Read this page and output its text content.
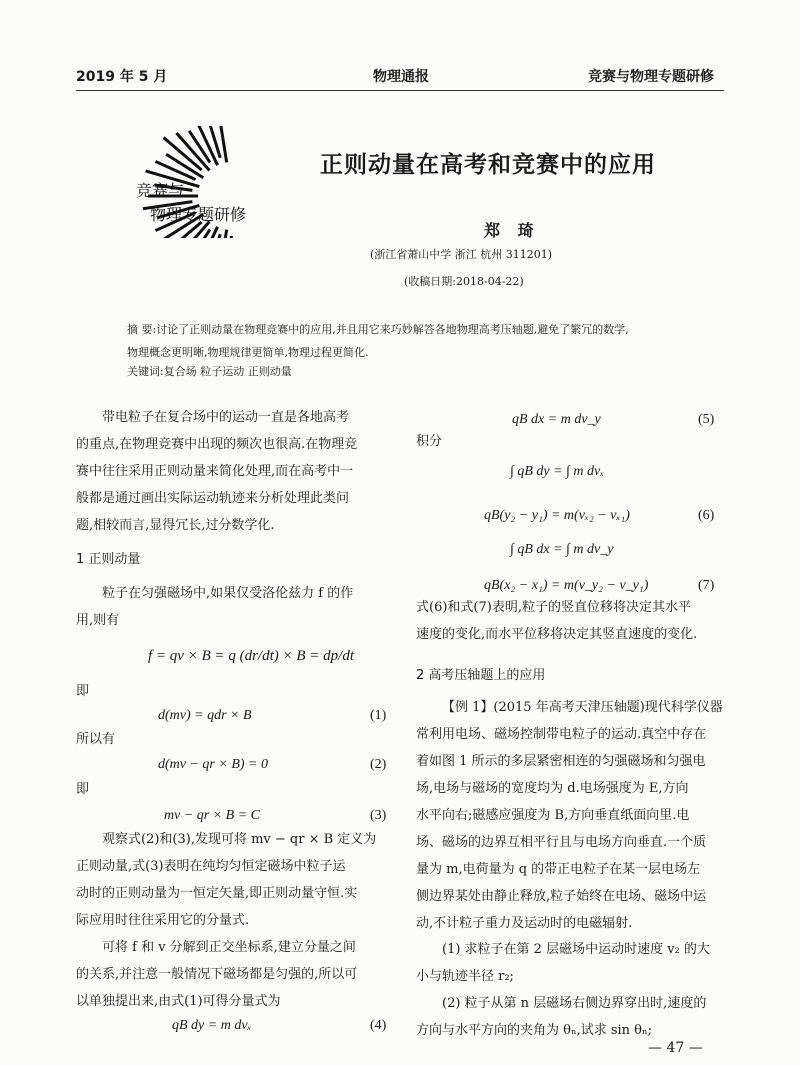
2019 年 5 月	物理通报	竞赛与物理专题研修
竞赛与
物理专题研修
正则动量在高考和竞赛中的应用
郑 琦
(浙江省萧山中学 浙江 杭州 311201)
(收稿日期:2018-04-22)
摘 要:讨论了正则动量在物理竞赛中的应用,并且用它来巧妙解答各地物理高考压轴题,避免了繁冗的数学,
物理概念更明晰,物理规律更简单,物理过程更简化.
关键词:复合场 粒子运动 正则动量
带电粒子在复合场中的运动一直是各地高考
的重点,在物理竞赛中出现的频次也很高.在物理竞
赛中往往采用正则动量来简化处理,而在高考中一
般都是通过画出实际运动轨迹来分析处理此类问
题,相较而言,显得冗长,过分数学化.
1 正则动量
粒子在匀强磁场中,如果仅受洛伦兹力 f 的作
用,则有
f = qv × B = q (dr/dt) × B = dp/dt
即
d(mv) = qdr × B	(1)
所以有
d(mv − qr × B) = 0	(2)
即
mv − qr × B = C	(3)
观察式(2)和(3),发现可将 mv − qr × B 定义为
正则动量,式(3)表明在纯均匀恒定磁场中粒子运
动时的正则动量为一恒定矢量,即正则动量守恒.实
际应用时往往采用它的分量式.
可将 f 和 v 分解到正交坐标系,建立分量之间
的关系,并注意一般情况下磁场都是匀强的,所以可
以单独提出来,由式(1)可得分量式为
qB dy = m dvₓ	(4)
qB dx = m dv_y	(5)
积分
∫ qB dy = ∫ m dvₓ
qB(y₂ − y₁) = m(vₓ₂ − vₓ₁)	(6)
∫ qB dx = ∫ m dv_y
qB(x₂ − x₁) = m(v_y₂ − v_y₁)	(7)
式(6)和式(7)表明,粒子的竖直位移将决定其水平
速度的变化,而水平位移将决定其竖直速度的变化.
2 高考压轴题上的应用
【例 1】(2015 年高考天津压轴题)现代科学仪器
常利用电场、磁场控制带电粒子的运动.真空中存在
着如图 1 所示的多层紧密相连的匀强磁场和匀强电
场,电场与磁场的宽度均为 d.电场强度为 E,方向
水平向右;磁感应强度为 B,方向垂直纸面向里.电
场、磁场的边界互相平行且与电场方向垂直.一个质
量为 m,电荷量为 q 的带正电粒子在某一层电场左
侧边界某处由静止释放,粒子始终在电场、磁场中运
动,不计粒子重力及运动时的电磁辐射.
(1) 求粒子在第 2 层磁场中运动时速度 v₂ 的大
小与轨迹半径 r₂;
(2) 粒子从第 n 层磁场右侧边界穿出时,速度的
方向与水平方向的夹角为 θₙ,试求 sin θₙ;
— 47 —
